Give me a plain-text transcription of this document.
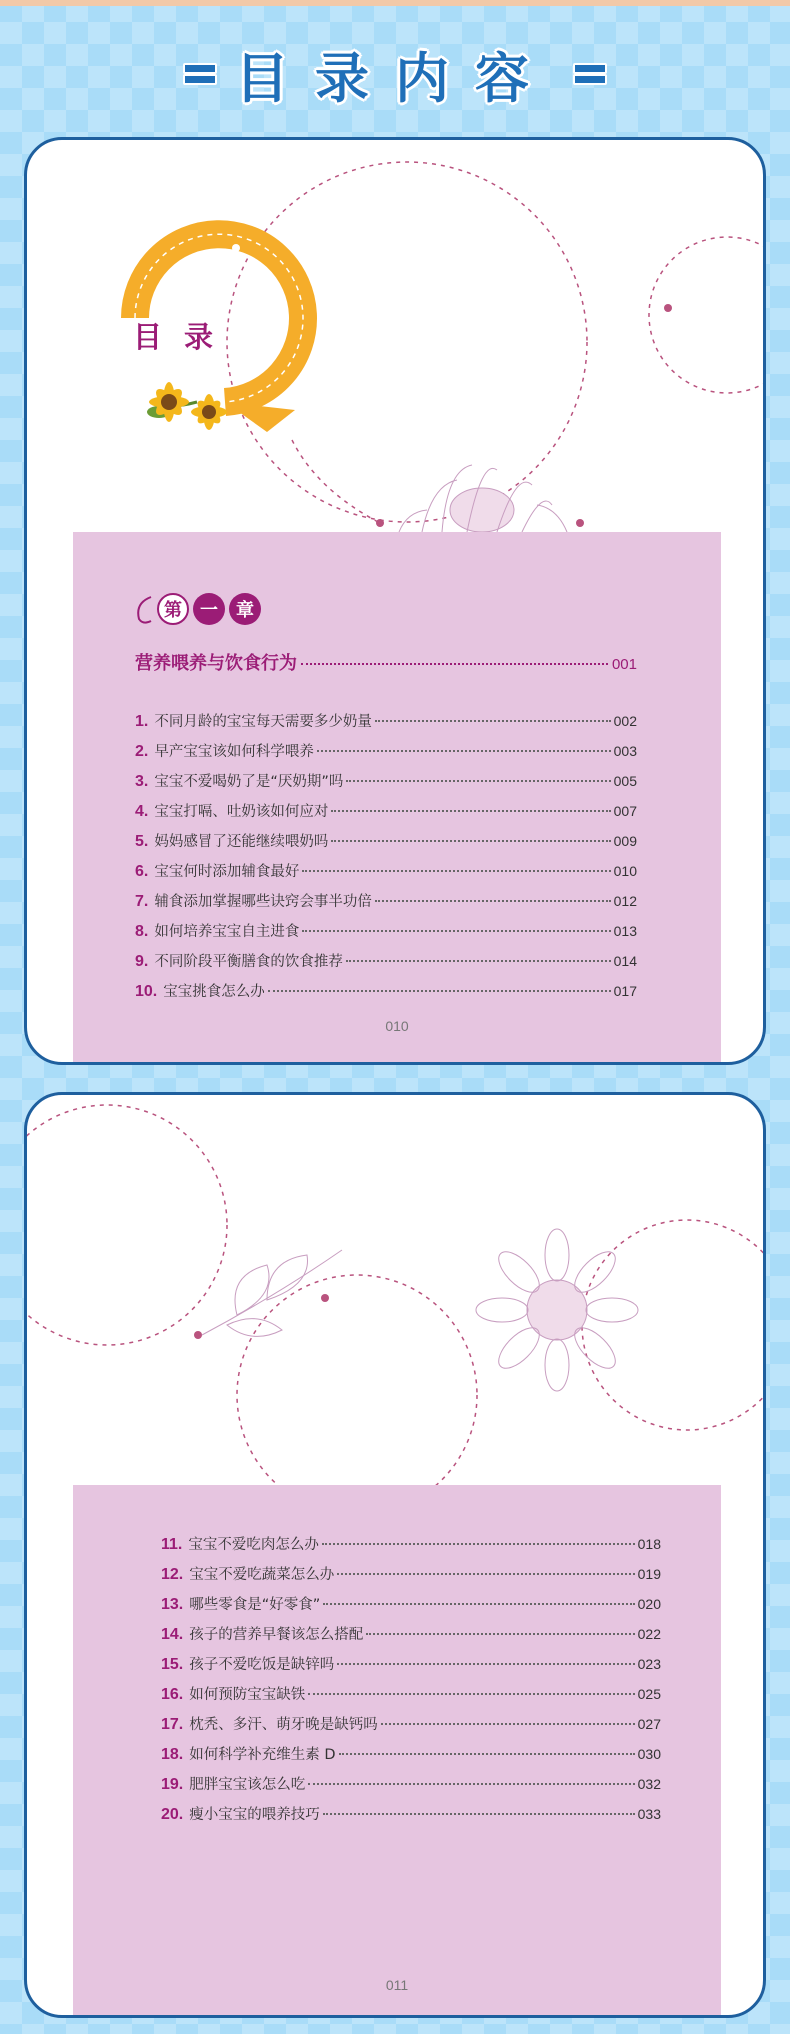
目录内容
目录
第	一	章
营养喂养与饮食行为	001
1. 不同月龄的宝宝每天需要多少奶量	002
2. 早产宝宝该如何科学喂养	003
3. 宝宝不爱喝奶了是“厌奶期”吗	005
4. 宝宝打嗝、吐奶该如何应对	007
5. 妈妈感冒了还能继续喂奶吗	009
6. 宝宝何时添加辅食最好	010
7. 辅食添加掌握哪些诀窍会事半功倍	012
8. 如何培养宝宝自主进食	013
9. 不同阶段平衡膳食的饮食推荐	014
10. 宝宝挑食怎么办	017
010
11. 宝宝不爱吃肉怎么办	018
12. 宝宝不爱吃蔬菜怎么办	019
13. 哪些零食是“好零食”	020
14. 孩子的营养早餐该怎么搭配	022
15. 孩子不爱吃饭是缺锌吗	023
16. 如何预防宝宝缺铁	025
17. 枕秃、多汗、萌牙晚是缺钙吗	027
18. 如何科学补充维生素 D	030
19. 肥胖宝宝该怎么吃	032
20. 瘦小宝宝的喂养技巧	033
011
